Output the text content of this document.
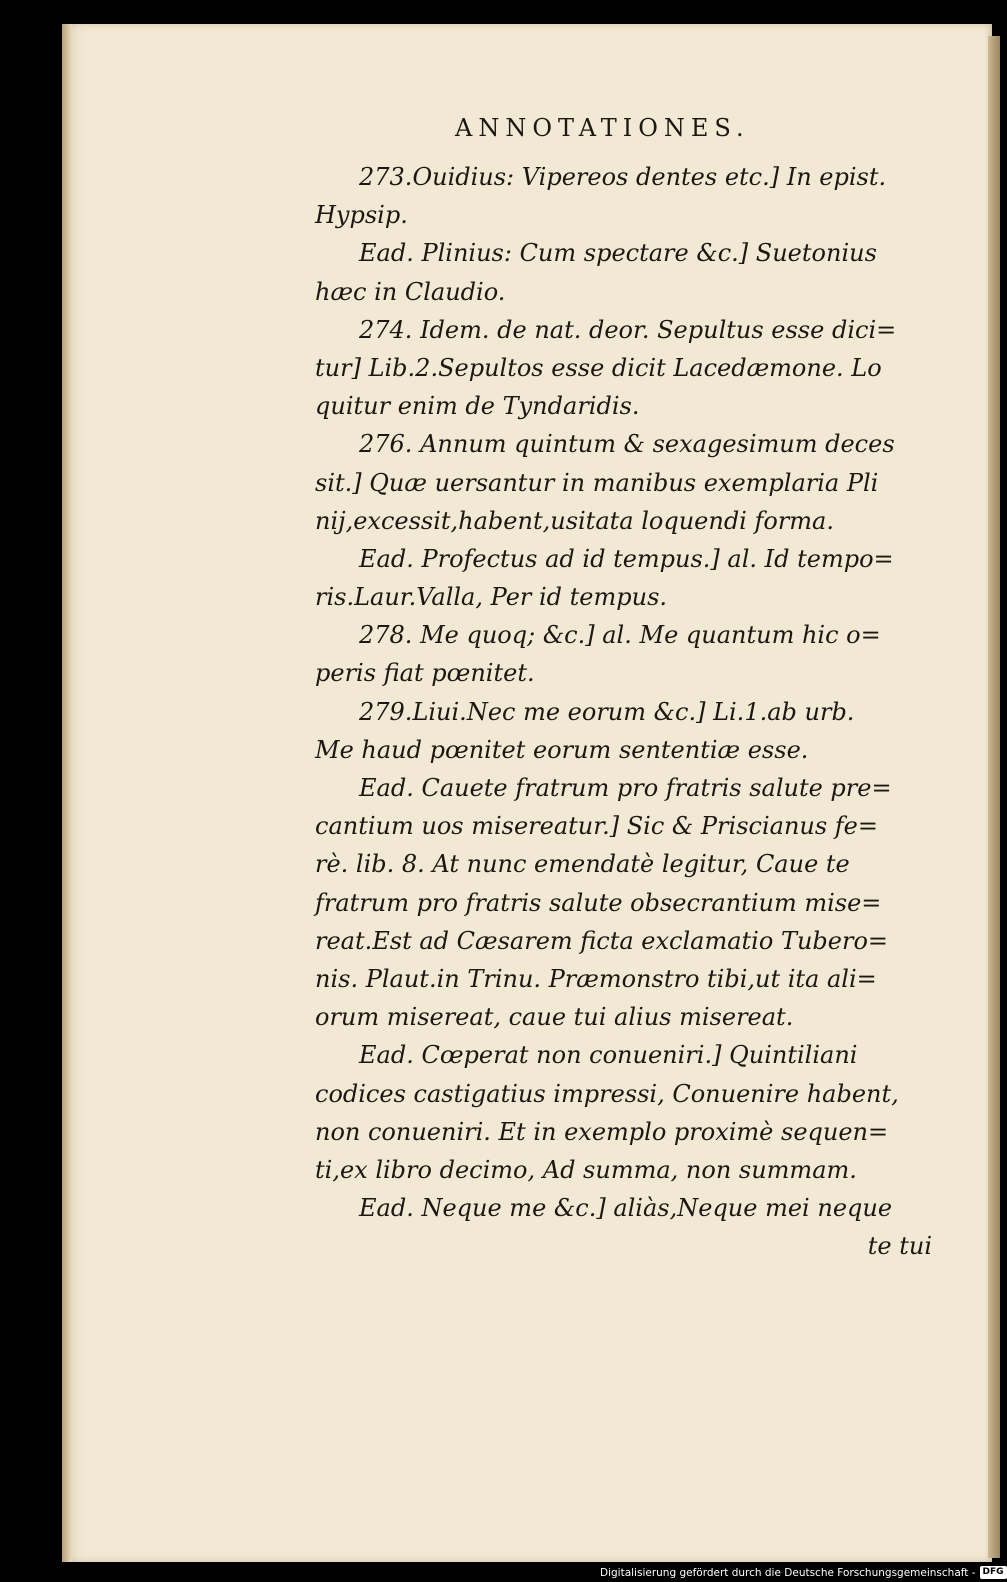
ANNOTATIONES.
273.Ouidius: Vipereos dentes etc.] In epist.
Hypsip.
Ead. Plinius: Cum spectare &c.] Suetonius
hæc in Claudio.
274. Idem. de nat. deor. Sepultus esse dici=
tur] Lib.2.Sepultos esse dicit Lacedæmone. Lo
quitur enim de Tyndaridis.
276. Annum quintum & sexagesimum deces
sit.] Quæ uersantur in manibus exemplaria Pli
nij,excessit,habent,usitata loquendi forma.
Ead. Profectus ad id tempus.] al. Id tempo=
ris.Laur.Valla, Per id tempus.
278. Me quoq; &c.] al. Me quantum hic o=
peris fiat pœnitet.
279.Liui.Nec me eorum &c.] Li.1.ab urb.
Me haud pœnitet eorum sententiæ esse.
Ead. Cauete fratrum pro fratris salute pre=
cantium uos misereatur.] Sic & Priscianus fe=
rè. lib. 8. At nunc emendatè legitur, Caue te
fratrum pro fratris salute obsecrantium mise=
reat.Est ad Cæsarem ficta exclamatio Tubero=
nis. Plaut.in Trinu. Præmonstro tibi,ut ita ali=
orum misereat, caue tui alius misereat.
Ead. Cœperat non conueniri.] Quintiliani
codices castigatius impressi, Conuenire habent,
non conueniri. Et in exemplo proximè sequen=
ti,ex libro decimo, Ad summa, non summam.
Ead. Neque me &c.] aliàs,Neque mei neque
te tui
Digitalisierung gefördert durch die Deutsche Forschungsgemeinschaft - DFG
